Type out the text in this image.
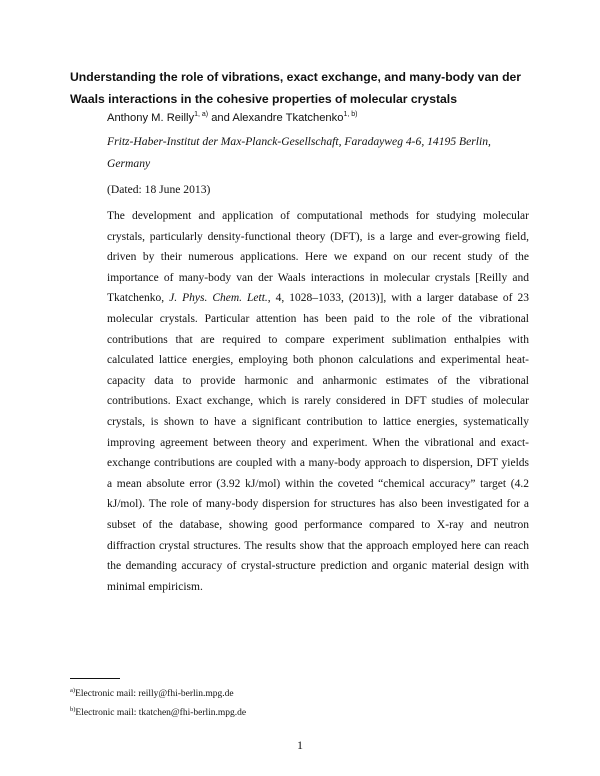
Understanding the role of vibrations, exact exchange, and many-body van der Waals interactions in the cohesive properties of molecular crystals
Anthony M. Reilly$^{1, a)}$ and Alexandre Tkatchenko$^{1, b)}$
Fritz-Haber-Institut der Max-Planck-Gesellschaft, Faradayweg 4-6, 14195 Berlin, Germany
(Dated: 18 June 2013)

The development and application of computational methods for studying molecular crystals, particularly density-functional theory (DFT), is a large and ever-growing field, driven by their numerous applications. Here we expand on our recent study of the importance of many-body van der Waals interactions in molecular crystals [Reilly and Tkatchenko, J. Phys. Chem. Lett., 4, 1028–1033, (2013)], with a larger database of 23 molecular crystals. Particular attention has been paid to the role of the vibrational contributions that are required to compare experiment sublimation enthalpies with calculated lattice energies, employing both phonon calculations and experimental heat-capacity data to provide harmonic and anharmonic estimates of the vibrational contributions. Exact exchange, which is rarely considered in DFT studies of molecular crystals, is shown to have a significant contribution to lattice energies, systematically improving agreement between theory and experiment. When the vibrational and exact-exchange contributions are coupled with a many-body approach to dispersion, DFT yields a mean absolute error (3.92 kJ/mol) within the coveted “chemical accuracy” target (4.2 kJ/mol). The role of many-body dispersion for structures has also been investigated for a subset of the database, showing good performance compared to X-ray and neutron diffraction crystal structures. The results show that the approach employed here can reach the demanding accuracy of crystal-structure prediction and organic material design with minimal empiricism.

$^{a)}$Electronic mail: reilly@fhi-berlin.mpg.de
$^{b)}$Electronic mail: tkatchen@fhi-berlin.mpg.de
1
